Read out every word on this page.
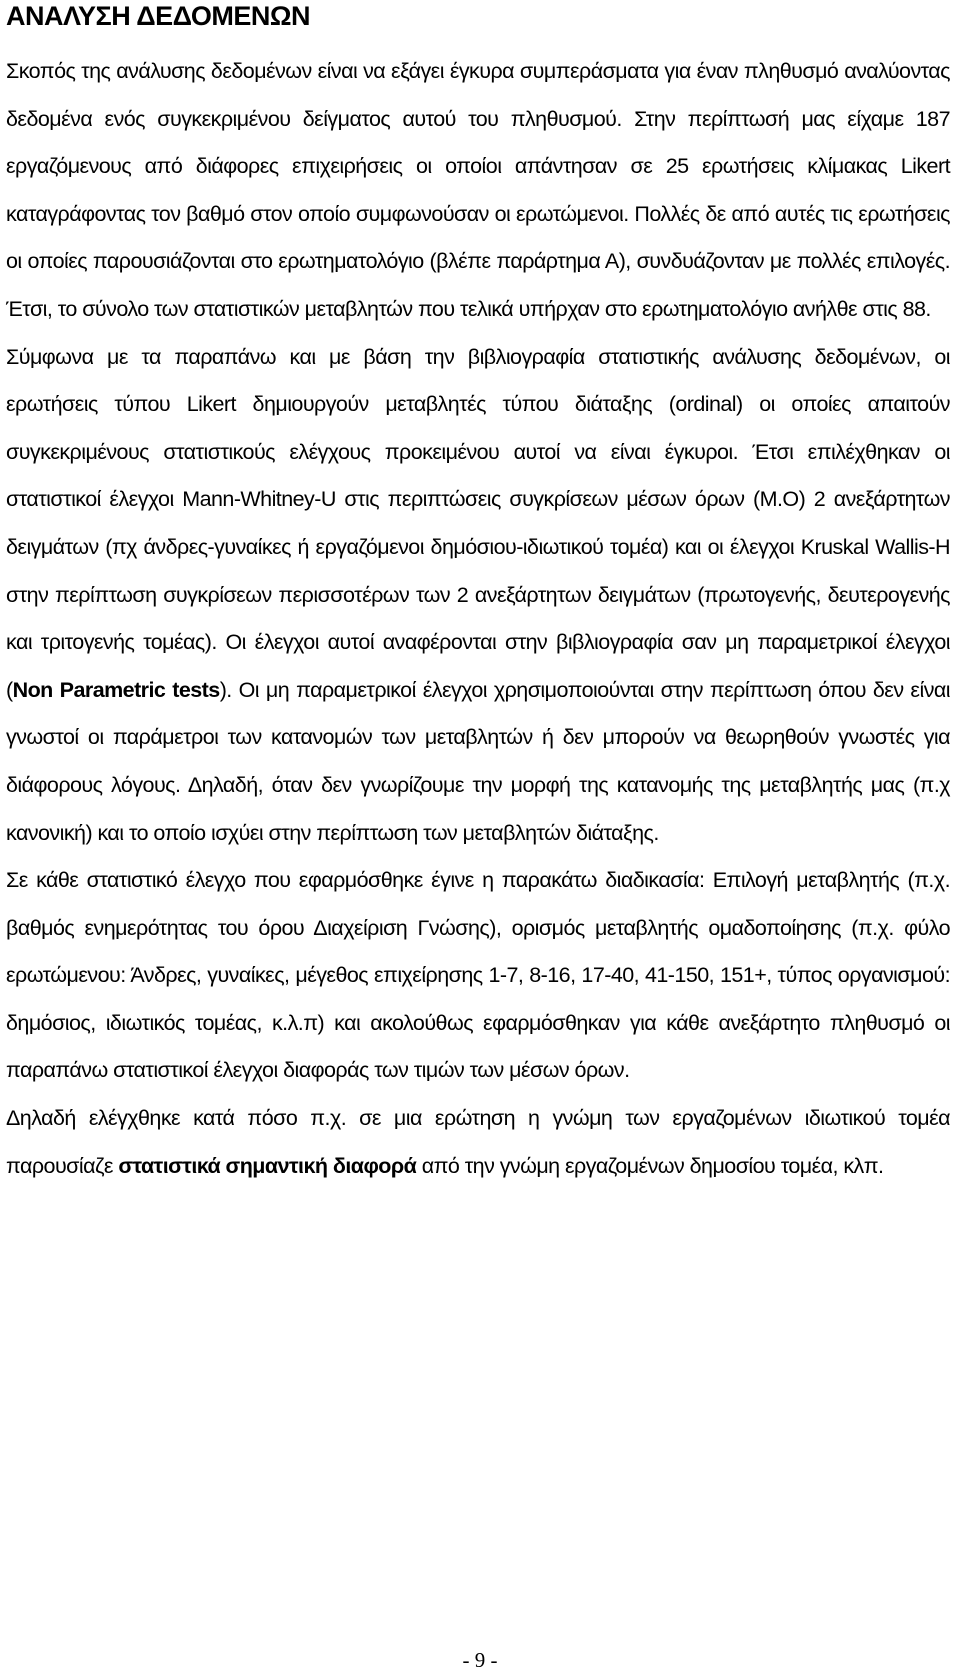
ΑΝΑΛΥΣΗ ΔΕΔΟΜΕΝΩΝ

Σκοπός της ανάλυσης δεδομένων είναι να εξάγει έγκυρα συμπεράσματα για έναν πληθυσμό αναλύοντας δεδομένα ενός συγκεκριμένου δείγματος αυτού του πληθυσμού. Στην περίπτωσή μας είχαμε 187 εργαζόμενους από διάφορες επιχειρήσεις οι οποίοι απάντησαν σε 25 ερωτήσεις κλίμακας Likert καταγράφοντας τον βαθμό στον οποίο συμφωνούσαν οι ερωτώμενοι. Πολλές δε από αυτές τις ερωτήσεις οι οποίες παρουσιάζονται στο ερωτηματολόγιο (βλέπε παράρτημα Α), συνδυάζονταν με πολλές επιλογές. Έτσι, το σύνολο των στατιστικών μεταβλητών που τελικά υπήρχαν στο ερωτηματολόγιο ανήλθε στις 88.

Σύμφωνα με τα παραπάνω και με βάση την βιβλιογραφία στατιστικής ανάλυσης δεδομένων, οι ερωτήσεις τύπου Likert δημιουργούν μεταβλητές τύπου διάταξης (ordinal) οι οποίες απαιτούν συγκεκριμένους στατιστικούς ελέγχους προκειμένου αυτοί να είναι έγκυροι. Έτσι επιλέχθηκαν οι στατιστικοί έλεγχοι Mann-Whitney-U στις περιπτώσεις συγκρίσεων μέσων όρων (Μ.Ο) 2 ανεξάρτητων δειγμάτων (πχ άνδρες-γυναίκες ή εργαζόμενοι δημόσιου-ιδιωτικού τομέα) και οι έλεγχοι Kruskal Wallis-H στην περίπτωση συγκρίσεων περισσοτέρων των 2 ανεξάρτητων δειγμάτων (πρωτογενής, δευτερογενής και τριτογενής τομέας). Οι έλεγχοι αυτοί αναφέρονται στην βιβλιογραφία σαν μη παραμετρικοί έλεγχοι (Non Parametric tests). Οι μη παραμετρικοί έλεγχοι χρησιμοποιούνται στην περίπτωση όπου δεν είναι γνωστοί οι παράμετροι των κατανομών των μεταβλητών ή δεν μπορούν να θεωρηθούν γνωστές για διάφορους λόγους. Δηλαδή, όταν δεν γνωρίζουμε την μορφή της κατανομής της μεταβλητής μας (π.χ κανονική) και το οποίο ισχύει στην περίπτωση των μεταβλητών διάταξης.

Σε κάθε στατιστικό έλεγχο που εφαρμόσθηκε έγινε η παρακάτω διαδικασία: Επιλογή μεταβλητής (π.χ. βαθμός ενημερότητας του όρου Διαχείριση Γνώσης), ορισμός μεταβλητής ομαδοποίησης (π.χ. φύλο ερωτώμενου: Άνδρες, γυναίκες, μέγεθος επιχείρησης 1-7, 8-16, 17-40, 41-150, 151+, τύπος οργανισμού: δημόσιος, ιδιωτικός τομέας, κ.λ.π) και ακολούθως εφαρμόσθηκαν για κάθε ανεξάρτητο πληθυσμό οι παραπάνω στατιστικοί έλεγχοι διαφοράς των τιμών των μέσων όρων.

Δηλαδή ελέγχθηκε κατά πόσο π.χ. σε μια ερώτηση η γνώμη των εργαζομένων ιδιωτικού τομέα παρουσίαζε στατιστικά σημαντική διαφορά από την γνώμη εργαζομένων δημοσίου τομέα, κλπ.

- 9 -
